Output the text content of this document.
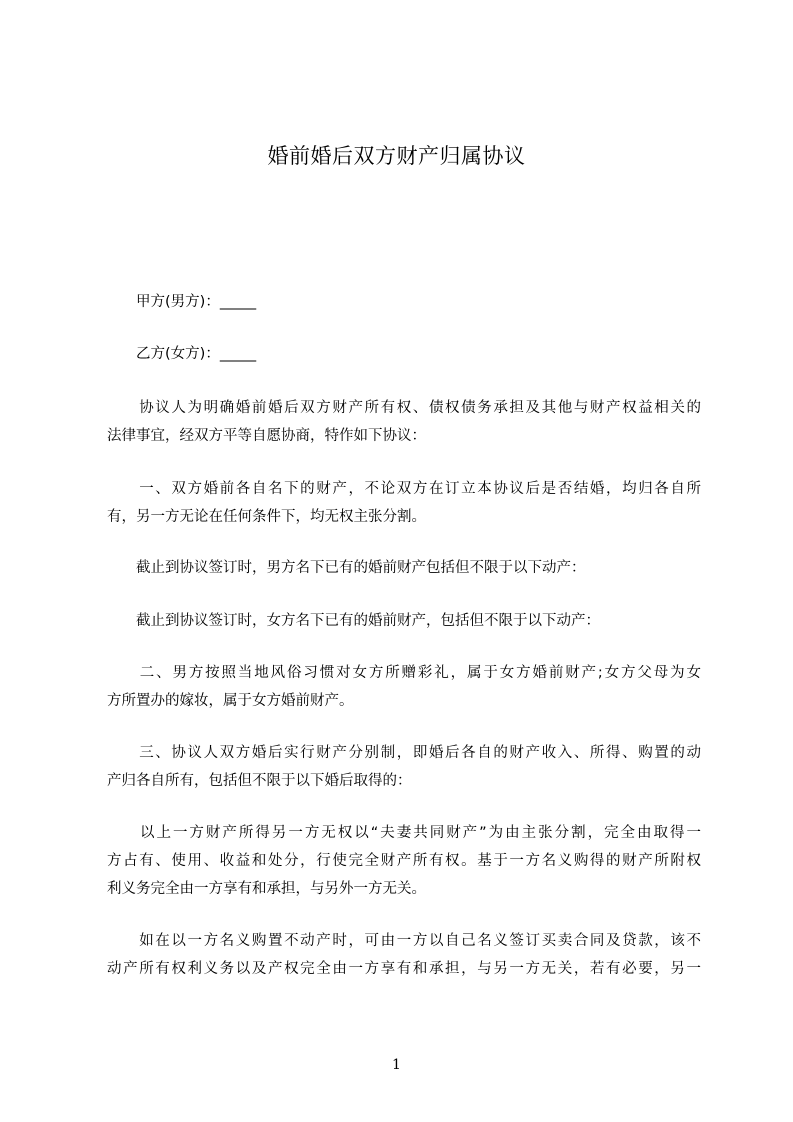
婚前婚后双方财产归属协议
　　甲方(男方)：_____
　　乙方(女方)：_____
　　协议人为明确婚前婚后双方财产所有权、债权债务承担及其他与财产权益相关的
法律事宜，经双方平等自愿协商，特作如下协议：
　　一、双方婚前各自名下的财产，不论双方在订立本协议后是否结婚，均归各自所
有，另一方无论在任何条件下，均无权主张分割。
　　截止到协议签订时，男方名下已有的婚前财产包括但不限于以下动产：
　　截止到协议签订时，女方名下已有的婚前财产，包括但不限于以下动产：
　　二、男方按照当地风俗习惯对女方所赠彩礼，属于女方婚前财产;女方父母为女
方所置办的嫁妆，属于女方婚前财产。
　　三、协议人双方婚后实行财产分别制，即婚后各自的财产收入、所得、购置的动
产归各自所有，包括但不限于以下婚后取得的：
　　以上一方财产所得另一方无权以“夫妻共同财产”为由主张分割，完全由取得一
方占有、使用、收益和处分，行使完全财产所有权。基于一方名义购得的财产所附权
利义务完全由一方享有和承担，与另外一方无关。
　　如在以一方名义购置不动产时，可由一方以自己名义签订买卖合同及贷款，该不
动产所有权利义务以及产权完全由一方享有和承担，与另一方无关，若有必要，另一
1
